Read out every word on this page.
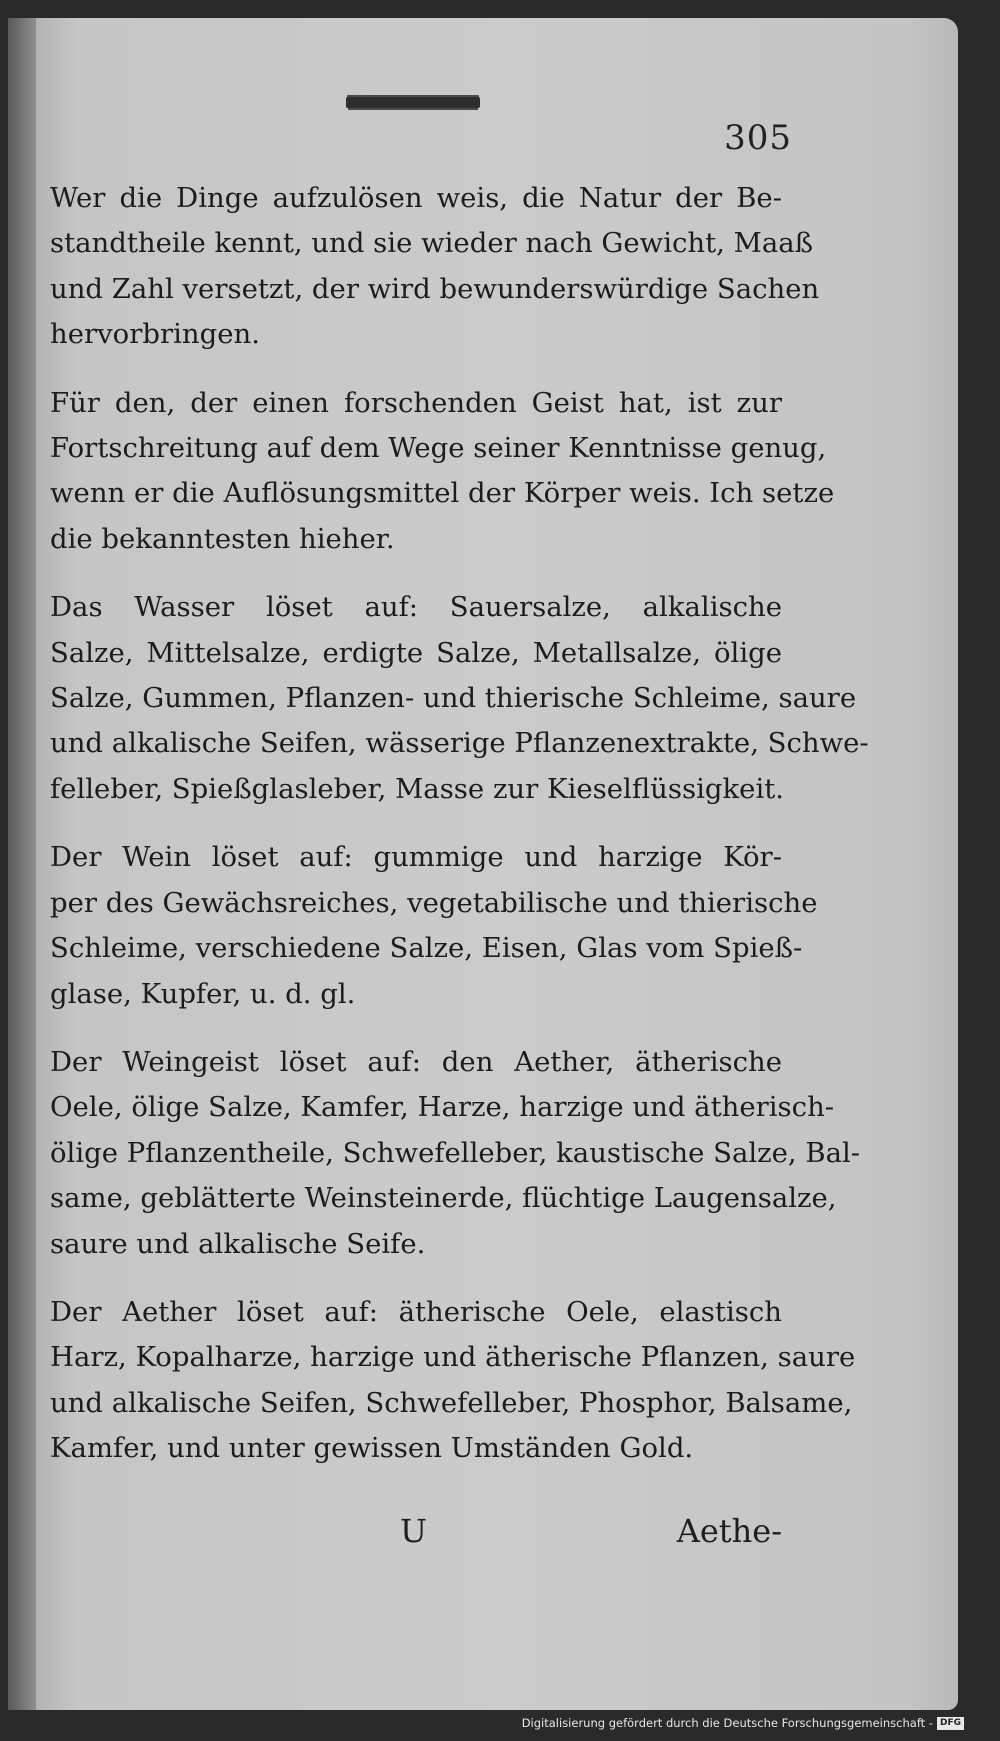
305

Wer die Dinge aufzulösen weis, die Natur der Be-
standtheile kennt, und sie wieder nach Gewicht, Maaß
und Zahl versetzt, der wird bewunderswürdige Sachen
hervorbringen.

Für den, der einen forschenden Geist hat, ist zur
Fortschreitung auf dem Wege seiner Kenntnisse genug,
wenn er die Auflösungsmittel der Körper weis. Ich setze
die bekanntesten hieher.

Das Wasser löset auf: Sauersalze, alkalische
Salze, Mittelsalze, erdigte Salze, Metallsalze, ölige
Salze, Gummen, Pflanzen- und thierische Schleime, saure
und alkalische Seifen, wässerige Pflanzenextrakte, Schwe-
felleber, Spießglasleber, Masse zur Kieselflüssigkeit.

Der Wein löset auf: gummige und harzige Kör-
per des Gewächsreiches, vegetabilische und thierische
Schleime, verschiedene Salze, Eisen, Glas vom Spieß-
glase, Kupfer, u. d. gl.

Der Weingeist löset auf: den Aether, ätherische
Oele, ölige Salze, Kamfer, Harze, harzige und ätherisch-
ölige Pflanzentheile, Schwefelleber, kaustische Salze, Bal-
same, geblätterte Weinsteinerde, flüchtige Laugensalze,
saure und alkalische Seife.

Der Aether löset auf: ätherische Oele, elastisch
Harz, Kopalharze, harzige und ätherische Pflanzen, saure
und alkalische Seifen, Schwefelleber, Phosphor, Balsame,
Kamfer, und unter gewissen Umständen Gold.

U	Aethe-
Digitalisierung gefördert durch die Deutsche Forschungsgemeinschaft - DFG
